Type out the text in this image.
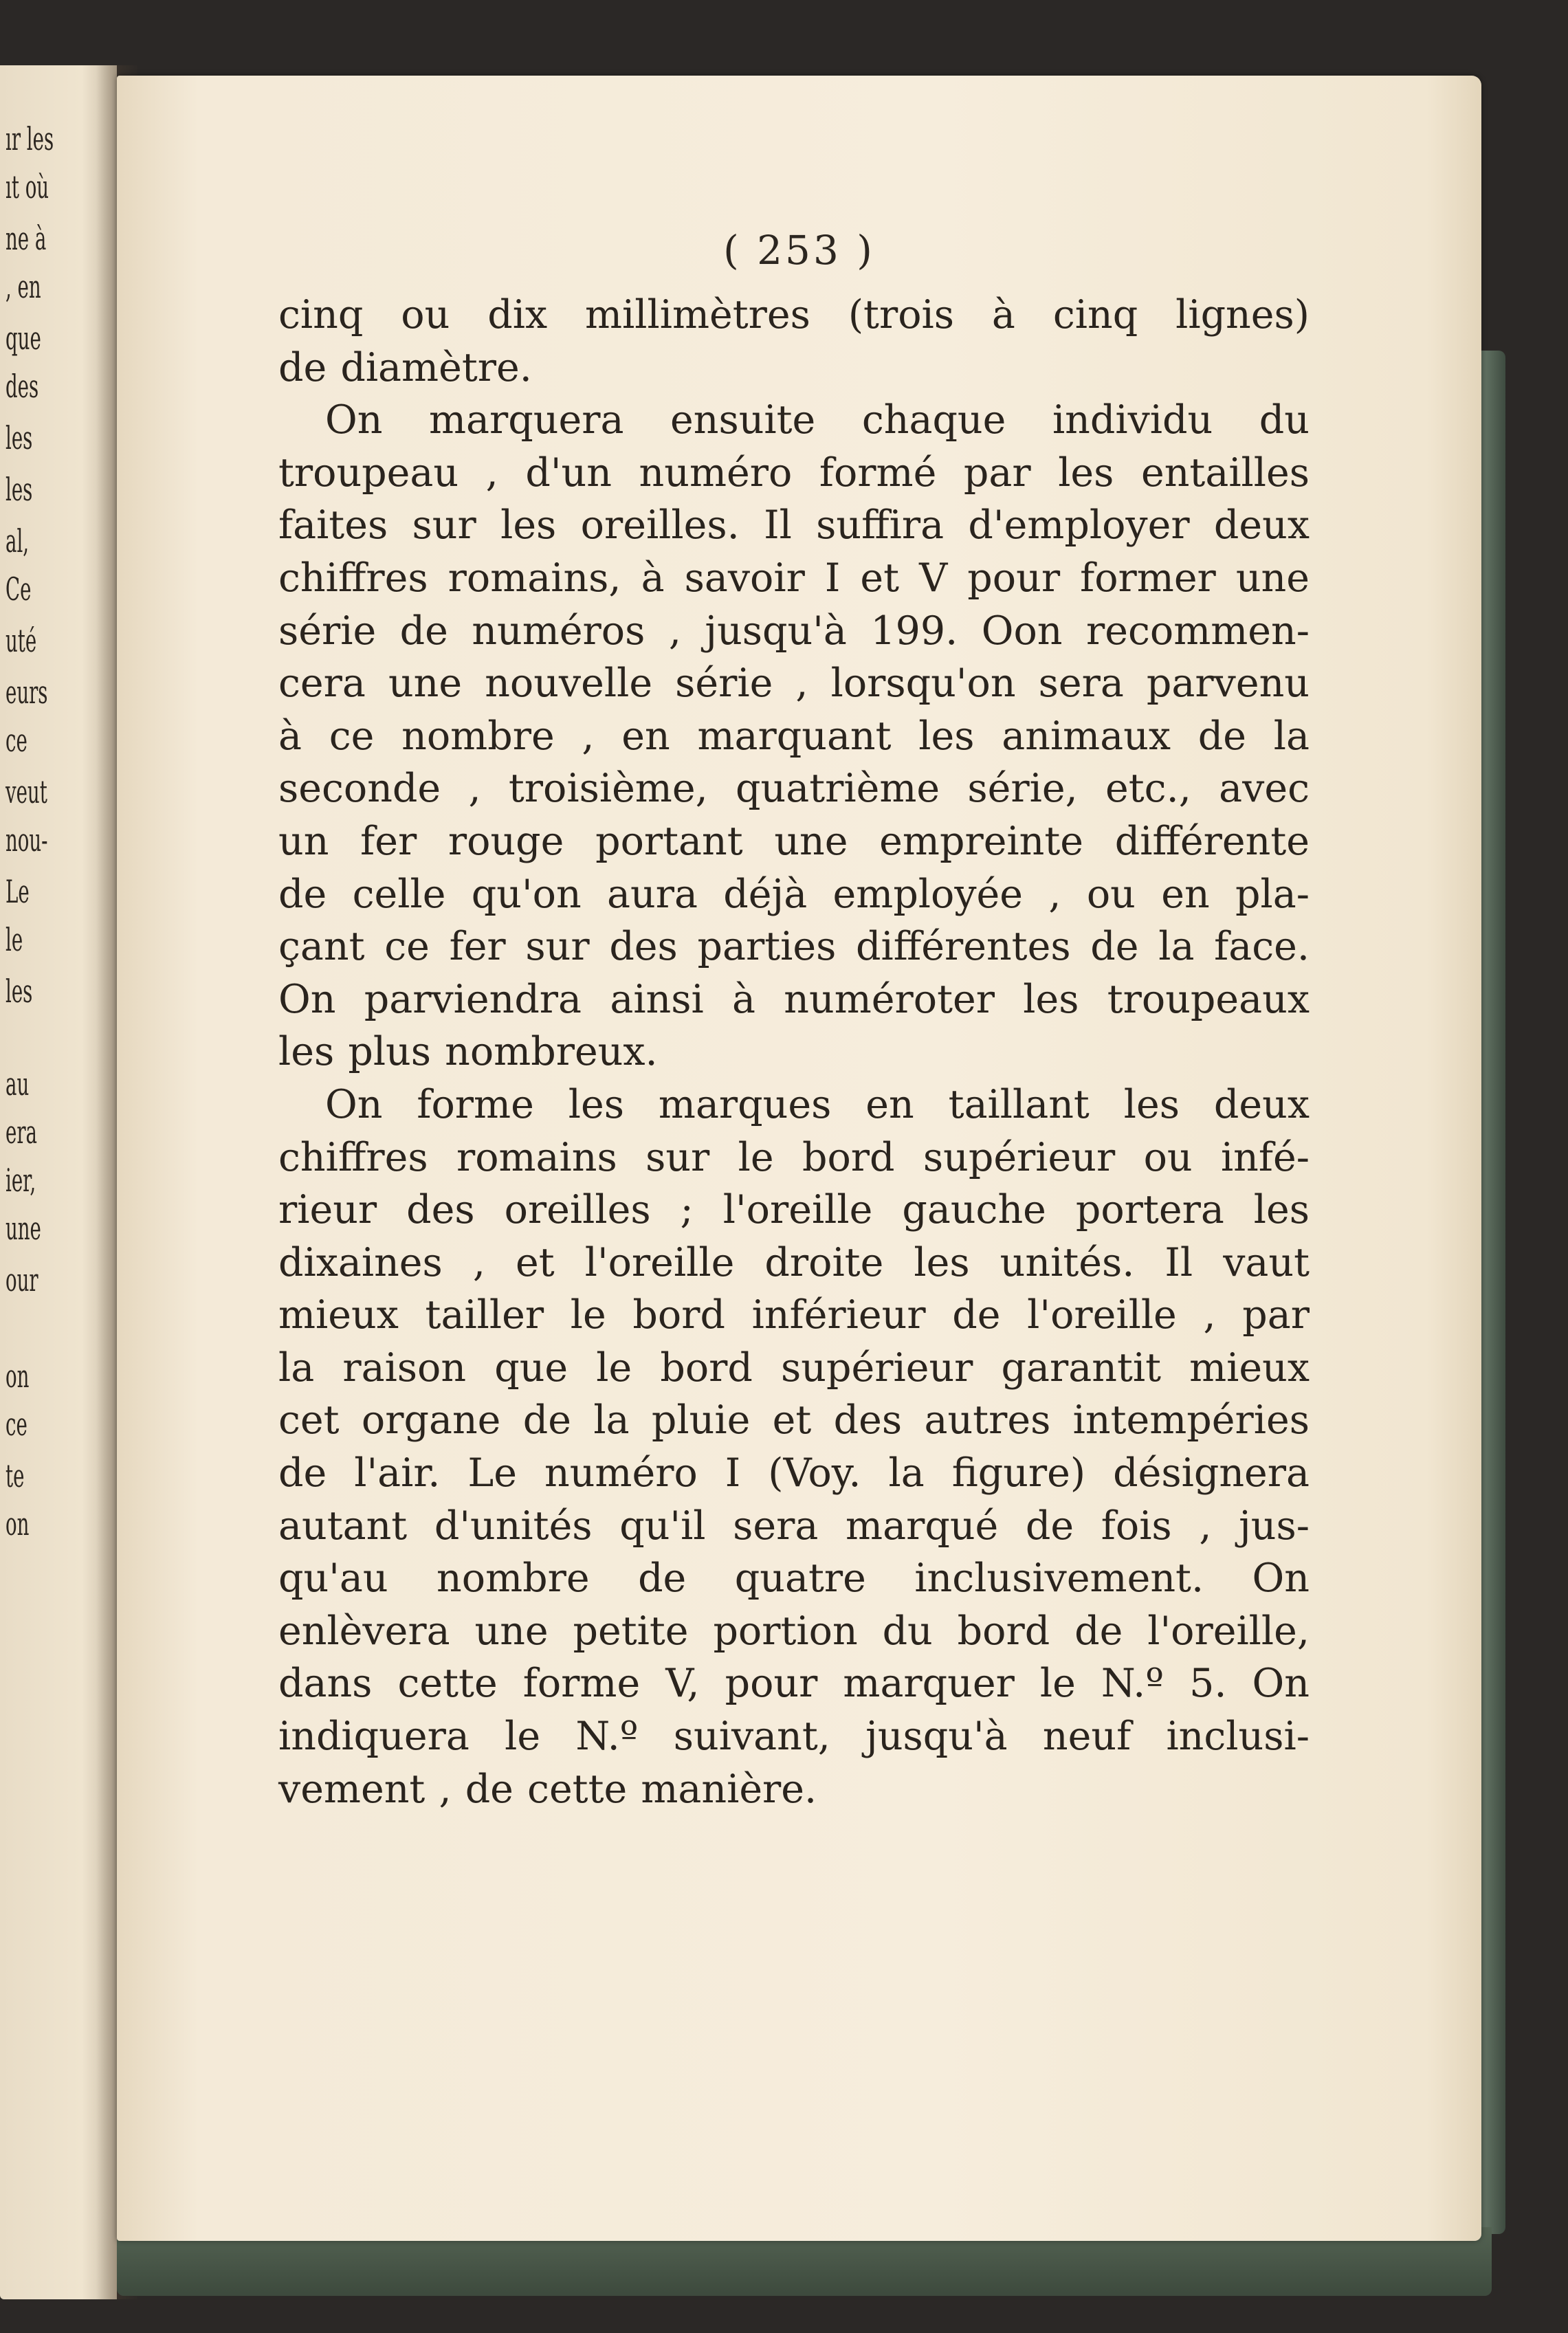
ır les
ıt où
ne à
, en
que
des
les
les
al,
Ce
uté
eurs
ce
veut
nou-
Le
le
les
au
era
ier,
une
our
on
ce
te
on
( 253 )
cinq ou dix millimètres (trois à cinq lignes)
de diamètre.
On marquera ensuite chaque individu du
troupeau , d'un numéro formé par les entailles
faites sur les oreilles. Il suffira d'employer deux
chiffres romains, à savoir I et V pour former une
série de numéros , jusqu'à 199. Oon recommen-
cera une nouvelle série , lorsqu'on sera parvenu
à ce nombre , en marquant les animaux de la
seconde , troisième, quatrième série, etc., avec
un fer rouge portant une empreinte différente
de celle qu'on aura déjà employée , ou en pla-
çant ce fer sur des parties différentes de la face.
On parviendra ainsi à numéroter les troupeaux
les plus nombreux.
On forme les marques en taillant les deux
chiffres romains sur le bord supérieur ou infé-
rieur des oreilles ; l'oreille gauche portera les
dixaines , et l'oreille droite les unités. Il vaut
mieux tailler le bord inférieur de l'oreille , par
la raison que le bord supérieur garantit mieux
cet organe de la pluie et des autres intempéries
de l'air. Le numéro I (Voy. la figure) désignera
autant d'unités qu'il sera marqué de fois , jus-
qu'au nombre de quatre inclusivement. On
enlèvera une petite portion du bord de l'oreille,
dans cette forme V, pour marquer le N.º 5. On
indiquera le N.º suivant, jusqu'à neuf inclusi-
vement , de cette manière.
